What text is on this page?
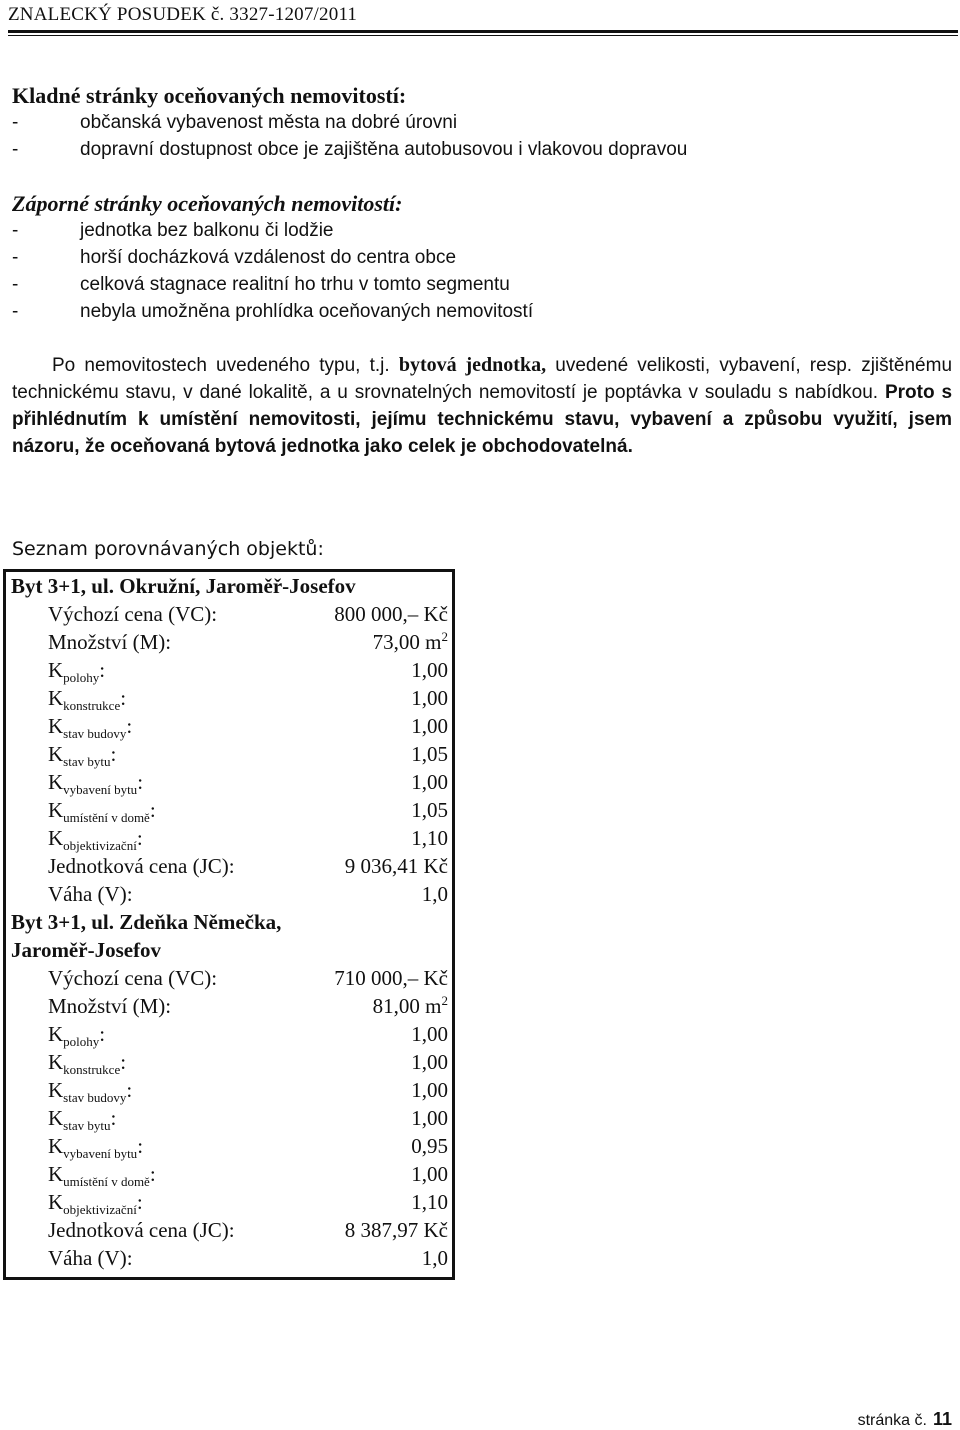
ZNALECKÝ POSUDEK č. 3327-1207/2011
Kladné stránky oceňovaných nemovitostí:
-	občanská vybavenost města na dobré úrovni
-	dopravní dostupnost obce je zajištěna autobusovou i vlakovou dopravou
Záporné stránky oceňovaných nemovitostí:
-	jednotka bez balkonu či lodžie
-	horší docházková vzdálenost do centra obce
-	celková stagnace realitní ho trhu v tomto segmentu
-	nebyla umožněna prohlídka oceňovaných nemovitostí
Po nemovitostech uvedeného typu, t.j. bytová jednotka, uvedené velikosti, vybavení, resp. zjištěnému technickému stavu, v dané lokalitě, a u srovnatelných nemovitostí je poptávka v souladu s nabídkou. Proto s přihlédnutím k umístění nemovitosti, jejímu technickému stavu, vybavení a způsobu využití, jsem názoru, že oceňovaná bytová jednotka jako celek je obchodovatelná.
Seznam porovnávaných objektů:
Byt 3+1, ul. Okružní, Jaroměř-Josefov
Výchozí cena (VC):	800 000,– Kč
Množství (M):	73,00 $m^2$
$K_{polohy}$:	1,00
$K_{konstrukce}$:	1,00
$K_{stav budovy}$:	1,00
$K_{stav bytu}$:	1,05
$K_{vybavení bytu}$:	1,00
$K_{umístění v domě}$:	1,05
$K_{objektivizační}$:	1,10
Jednotková cena (JC):	9 036,41 Kč
Váha (V):	1,0
Byt 3+1, ul. Zdeňka Němečka,
Jaroměř-Josefov
Výchozí cena (VC):	710 000,– Kč
Množství (M):	81,00 $m^2$
$K_{polohy}$:	1,00
$K_{konstrukce}$:	1,00
$K_{stav budovy}$:	1,00
$K_{stav bytu}$:	1,00
$K_{vybavení bytu}$:	0,95
$K_{umístění v domě}$:	1,00
$K_{objektivizační}$:	1,10
Jednotková cena (JC):	8 387,97 Kč
Váha (V):	1,0
stránka č. 11
